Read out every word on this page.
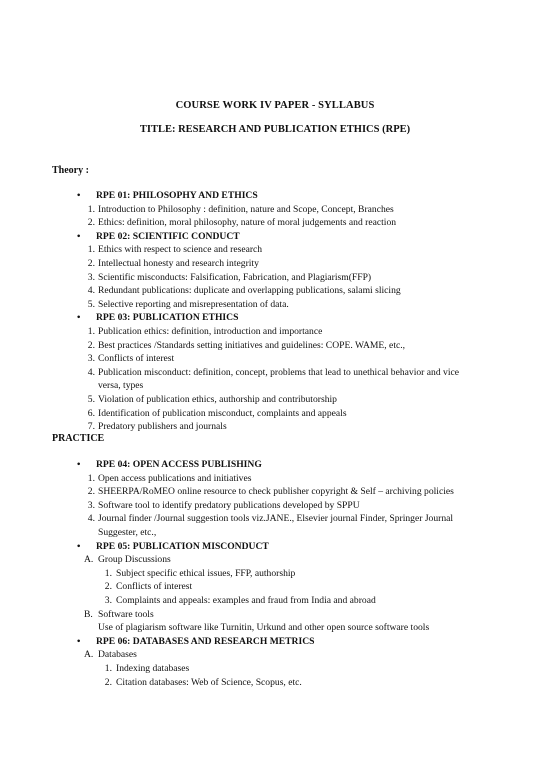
COURSE WORK IV PAPER - SYLLABUS
TITLE: RESEARCH AND PUBLICATION ETHICS (RPE)
Theory :
• RPE 01: PHILOSOPHY AND ETHICS
1. Introduction to Philosophy : definition, nature and Scope, Concept, Branches
2. Ethics: definition, moral philosophy, nature of moral judgements and reaction
• RPE 02: SCIENTIFIC CONDUCT
1. Ethics with respect to science and research
2. Intellectual honesty and research integrity
3. Scientific misconducts: Falsification, Fabrication, and Plagiarism(FFP)
4. Redundant publications: duplicate and overlapping publications, salami slicing
5. Selective reporting and misrepresentation of data.
• RPE 03: PUBLICATION ETHICS
1. Publication ethics: definition, introduction and importance
2. Best practices /Standards setting initiatives and guidelines: COPE. WAME, etc.,
3. Conflicts of interest
4. Publication misconduct: definition, concept, problems that lead to unethical behavior and vice versa, types
5. Violation of publication ethics, authorship and contributorship
6. Identification of publication misconduct, complaints and appeals
7. Predatory publishers and journals
PRACTICE
• RPE 04: OPEN ACCESS PUBLISHING
1. Open access publications and initiatives
2. SHEERPA/RoMEO online resource to check publisher copyright & Self – archiving policies
3. Software tool to identify predatory publications developed by SPPU
4. Journal finder /Journal suggestion tools viz.JANE., Elsevier journal Finder, Springer Journal Suggester, etc.,
• RPE 05: PUBLICATION MISCONDUCT
A. Group Discussions
1. Subject specific ethical issues, FFP, authorship
2. Conflicts of interest
3. Complaints and appeals: examples and fraud from India and abroad
B. Software tools
Use of plagiarism software like Turnitin, Urkund and other open source software tools
• RPE 06: DATABASES AND RESEARCH METRICS
A. Databases
1. Indexing databases
2. Citation databases: Web of Science, Scopus, etc.
